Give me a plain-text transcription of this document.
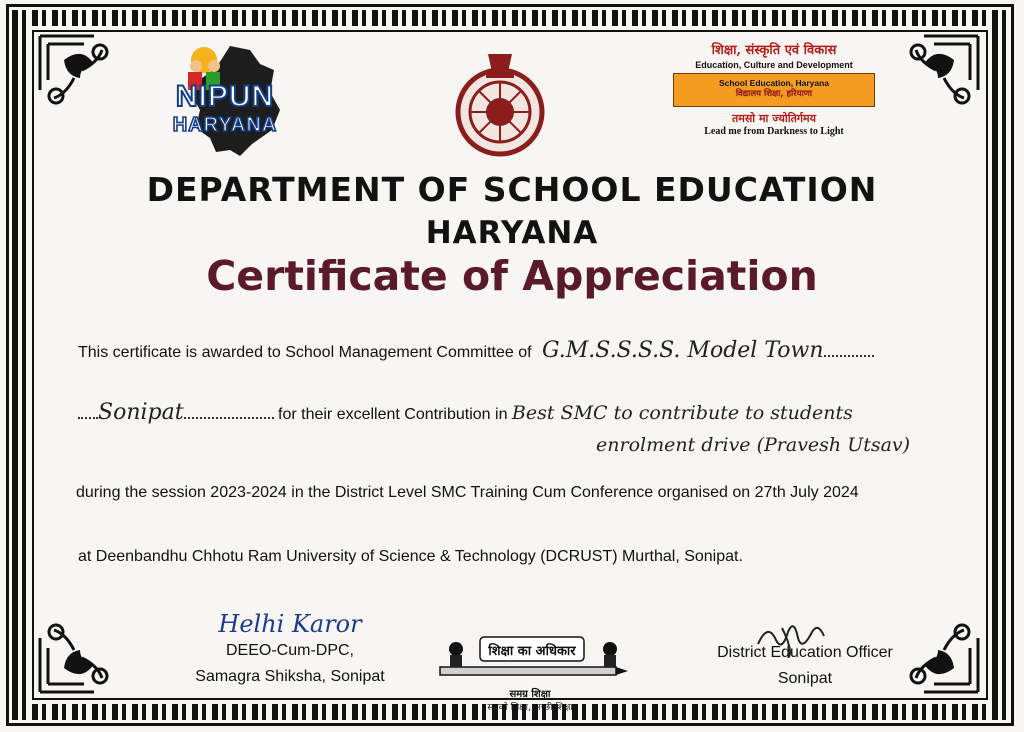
NIPUN
HARYANA
शिक्षा, संस्कृति एवं विकास
Education, Culture and Development
School Education, Haryana
विद्यालय शिक्षा, हरियाणा
तमसो मा ज्योतिर्गमय
Lead me from Darkness to Light
DEPARTMENT OF SCHOOL EDUCATION
HARYANA
Certificate of Appreciation
This certificate is awarded to School Management Committee of G.M.S.S.S.S. Model Town
Sonipat	for their excellent Contribution in Best SMC to contribute to students
enrolment drive (Pravesh Utsav)
during the session 2023-2024 in the District Level SMC Training Cum Conference organised on 27th July 2024
at Deenbandhu Chhotu Ram University of Science & Technology (DCRUST) Murthal, Sonipat.
Helhi Karor
DEEO-Cum-DPC,
Samagra Shiksha, Sonipat
शिक्षा का अधिकार
समग्र शिक्षा
सबको शिक्षा, अच्छी शिक्षा
District Education Officer
Sonipat
